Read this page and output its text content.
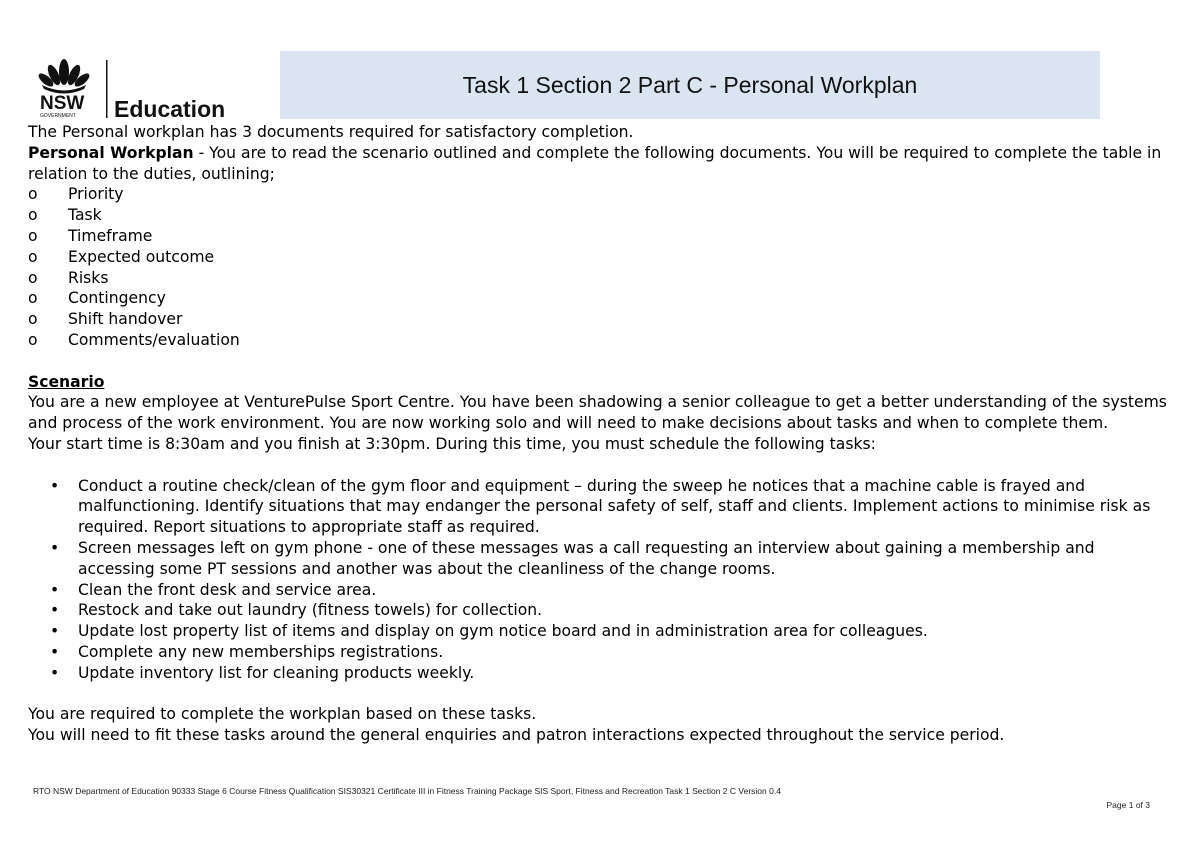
NSW
GOVERNMENT Education
Task 1 Section 2 Part C - Personal Workplan

The Personal workplan has 3 documents required for satisfactory completion.

Personal Workplan - You are to read the scenario outlined and complete the following documents. You will be required to complete the table in relation to the duties, outlining;

o Priority
o Task
o Timeframe
o Expected outcome
o Risks
o Contingency
o Shift handover
o Comments/evaluation

Scenario

You are a new employee at VenturePulse Sport Centre. You have been shadowing a senior colleague to get a better understanding of the systems and process of the work environment. You are now working solo and will need to make decisions about tasks and when to complete them.

Your start time is 8:30am and you finish at 3:30pm. During this time, you must schedule the following tasks:

• Conduct a routine check/clean of the gym floor and equipment – during the sweep he notices that a machine cable is frayed and malfunctioning. Identify situations that may endanger the personal safety of self, staff and clients. Implement actions to minimise risk as required. Report situations to appropriate staff as required.
• Screen messages left on gym phone - one of these messages was a call requesting an interview about gaining a membership and accessing some PT sessions and another was about the cleanliness of the change rooms.
• Clean the front desk and service area.
• Restock and take out laundry (fitness towels) for collection.
• Update lost property list of items and display on gym notice board and in administration area for colleagues.
• Complete any new memberships registrations.
• Update inventory list for cleaning products weekly.

You are required to complete the workplan based on these tasks.

You will need to fit these tasks around the general enquiries and patron interactions expected throughout the service period.

RTO NSW Department of Education 90333 Stage 6 Course Fitness Qualification SIS30321 Certificate III in Fitness Training Package SIS Sport, Fitness and Recreation Task 1 Section 2 C Version 0.4
Page 1 of 3
